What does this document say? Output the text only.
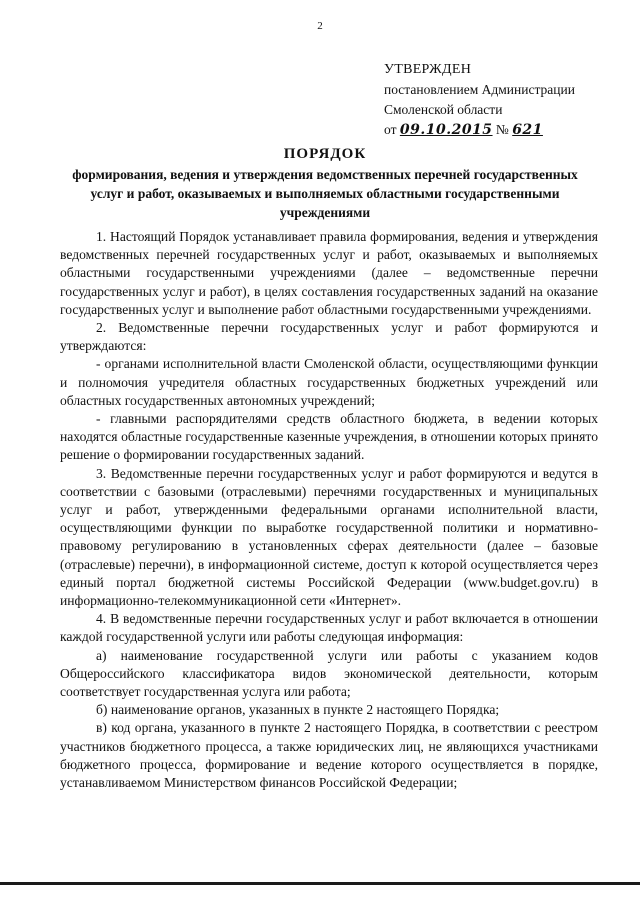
2
УТВЕРЖДЕН
постановлением Администрации
Смоленской области
от 09.10.2015 № 621
ПОРЯДОК
формирования, ведения и утверждения ведомственных перечней государственных услуг и работ, оказываемых и выполняемых областными государственными учреждениями

1. Настоящий Порядок устанавливает правила формирования, ведения и утверждения ведомственных перечней государственных услуг и работ, оказываемых и выполняемых областными государственными учреждениями (далее – ведомственные перечни государственных услуг и работ), в целях составления государственных заданий на оказание государственных услуг и выполнение работ областными государственными учреждениями.

2. Ведомственные перечни государственных услуг и работ формируются и утверждаются:

- органами исполнительной власти Смоленской области, осуществляющими функции и полномочия учредителя областных государственных бюджетных учреждений или областных государственных автономных учреждений;

- главными распорядителями средств областного бюджета, в ведении которых находятся областные государственные казенные учреждения, в отношении которых принято решение о формировании государственных заданий.

3. Ведомственные перечни государственных услуг и работ формируются и ведутся в соответствии с базовыми (отраслевыми) перечнями государственных и муниципальных услуг и работ, утвержденными федеральными органами исполнительной власти, осуществляющими функции по выработке государственной политики и нормативно-правовому регулированию в установленных сферах деятельности (далее – базовые (отраслевые) перечни), в информационной системе, доступ к которой осуществляется через единый портал бюджетной системы Российской Федерации (www.budget.gov.ru) в информационно-телекоммуникационной сети «Интернет».

4. В ведомственные перечни государственных услуг и работ включается в отношении каждой государственной услуги или работы следующая информация:

а) наименование государственной услуги или работы с указанием кодов Общероссийского классификатора видов экономической деятельности, которым соответствует государственная услуга или работа;

б) наименование органов, указанных в пункте 2 настоящего Порядка;

в) код органа, указанного в пункте 2 настоящего Порядка, в соответствии с реестром участников бюджетного процесса, а также юридических лиц, не являющихся участниками бюджетного процесса, формирование и ведение которого осуществляется в порядке, устанавливаемом Министерством финансов Российской Федерации;
